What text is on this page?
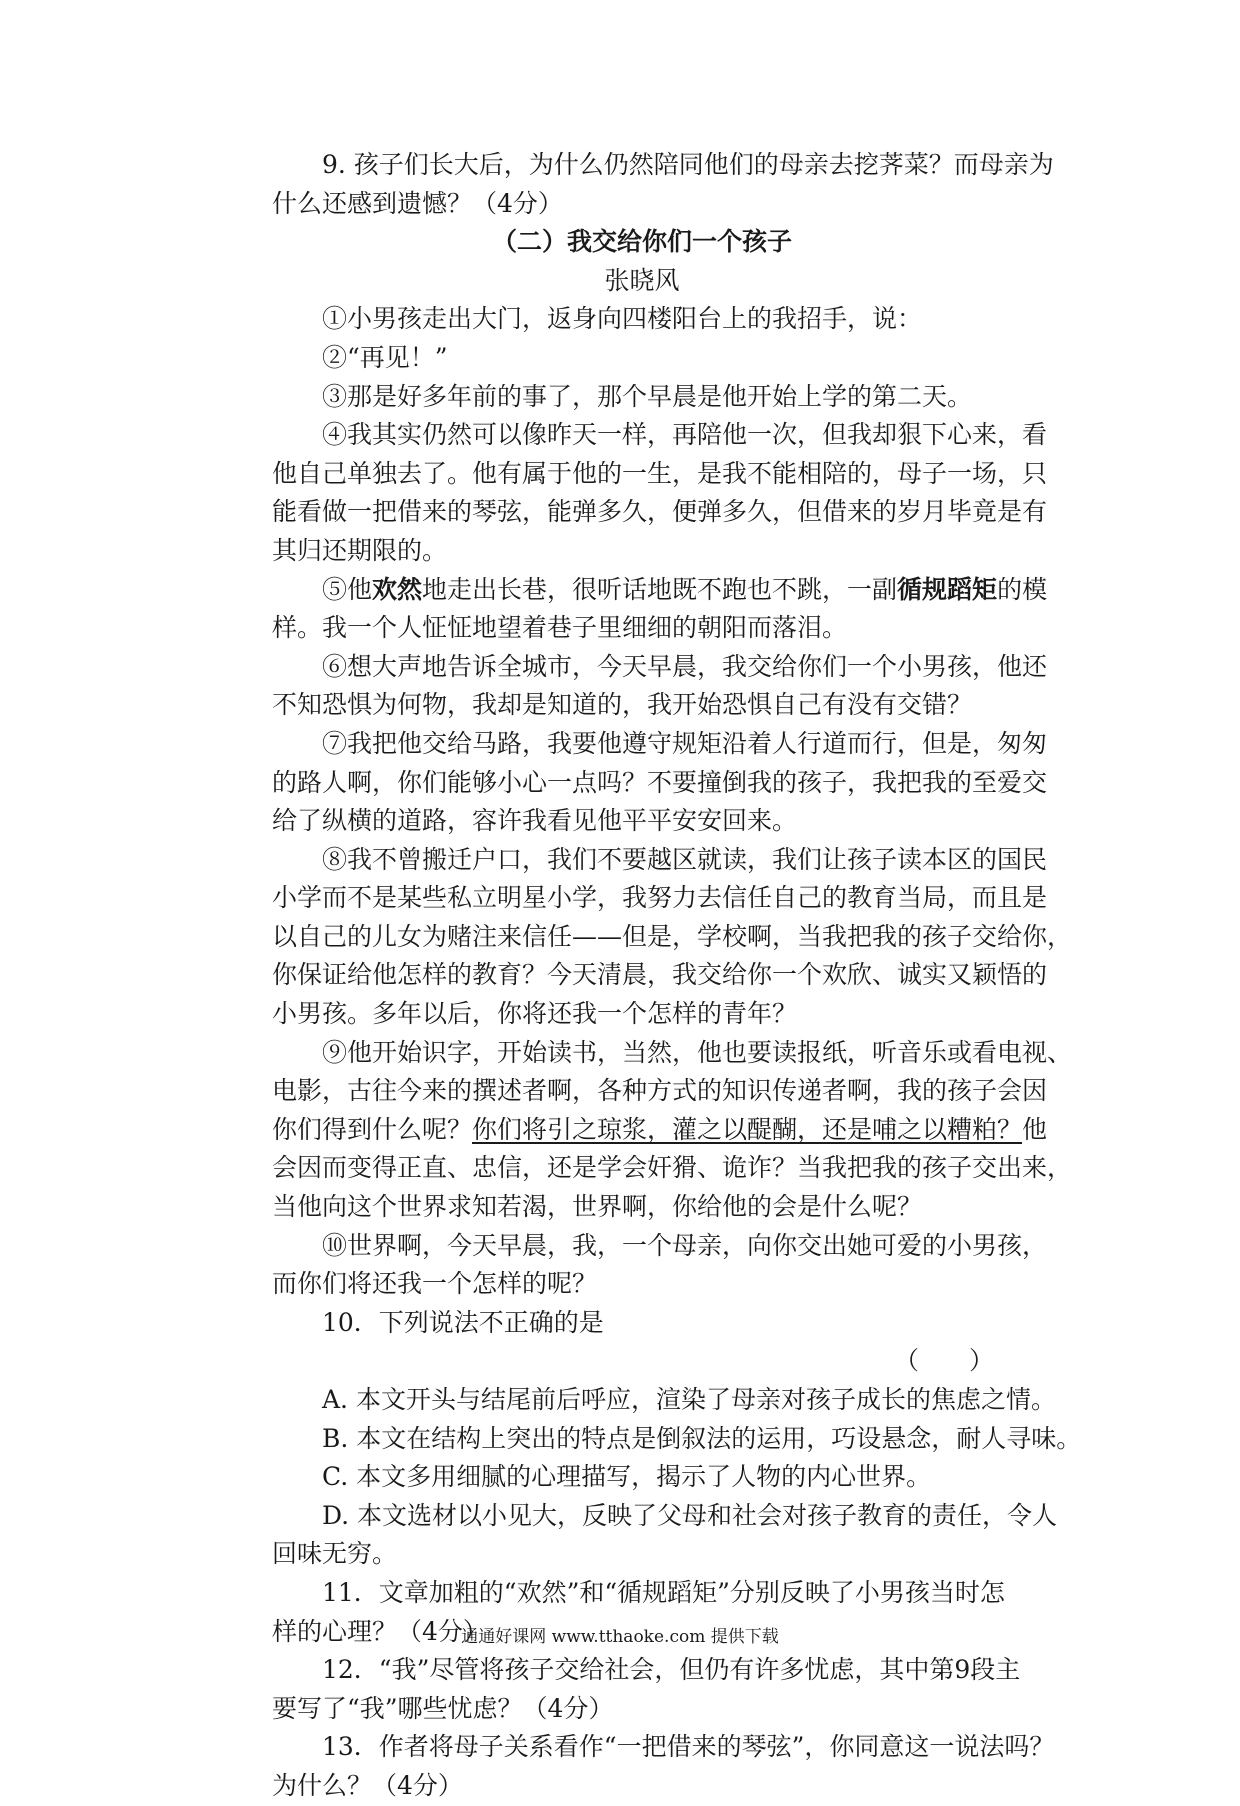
9. 孩子们长大后，为什么仍然陪同他们的母亲去挖荠菜？而母亲为

什么还感到遗憾？（4分）

（二）我交给你们一个孩子

张晓风

①小男孩走出大门，返身向四楼阳台上的我招手，说：

②“再见！”

③那是好多年前的事了，那个早晨是他开始上学的第二天。

④我其实仍然可以像昨天一样，再陪他一次，但我却狠下心来，看

他自己单独去了。他有属于他的一生，是我不能相陪的，母子一场，只

能看做一把借来的琴弦，能弹多久，便弹多久，但借来的岁月毕竟是有

其归还期限的。

⑤他欢然地走出长巷，很听话地既不跑也不跳，一副循规蹈矩的模

样。我一个人怔怔地望着巷子里细细的朝阳而落泪。

⑥想大声地告诉全城市，今天早晨，我交给你们一个小男孩，他还

不知恐惧为何物，我却是知道的，我开始恐惧自己有没有交错？

⑦我把他交给马路，我要他遵守规矩沿着人行道而行，但是，匆匆

的路人啊，你们能够小心一点吗？不要撞倒我的孩子，我把我的至爱交

给了纵横的道路，容许我看见他平平安安回来。

⑧我不曾搬迁户口，我们不要越区就读，我们让孩子读本区的国民

小学而不是某些私立明星小学，我努力去信任自己的教育当局，而且是

以自己的儿女为赌注来信任——但是，学校啊，当我把我的孩子交给你，

你保证给他怎样的教育？今天清晨，我交给你一个欢欣、诚实又颖悟的

小男孩。多年以后，你将还我一个怎样的青年？

⑨他开始识字，开始读书，当然，他也要读报纸，听音乐或看电视、

电影，古往今来的撰述者啊，各种方式的知识传递者啊，我的孩子会因

你们得到什么呢？你们将引之琼浆，灌之以醍醐，还是哺之以糟粕？他

会因而变得正直、忠信，还是学会奸猾、诡诈？当我把我的孩子交出来，

当他向这个世界求知若渴，世界啊，你给他的会是什么呢？

⑩世界啊，今天早晨，我，一个母亲，向你交出她可爱的小男孩，

而你们将还我一个怎样的呢？

10．下列说法不正确的是

（　　）

A. 本文开头与结尾前后呼应，渲染了母亲对孩子成长的焦虑之情。

B. 本文在结构上突出的特点是倒叙法的运用，巧设悬念，耐人寻味。

C. 本文多用细腻的心理描写，揭示了人物的内心世界。

D. 本文选材以小见大，反映了父母和社会对孩子教育的责任，令人

回味无穷。

11．文章加粗的“欢然”和“循规蹈矩”分别反映了小男孩当时怎

样的心理？（4分）

12．“我”尽管将孩子交给社会，但仍有许多忧虑，其中第9段主

要写了“我”哪些忧虑？（4分）

13．作者将母子关系看作“一把借来的琴弦”，你同意这一说法吗？

为什么？（4分）

通通好课网 www.tthaoke.com 提供下载
